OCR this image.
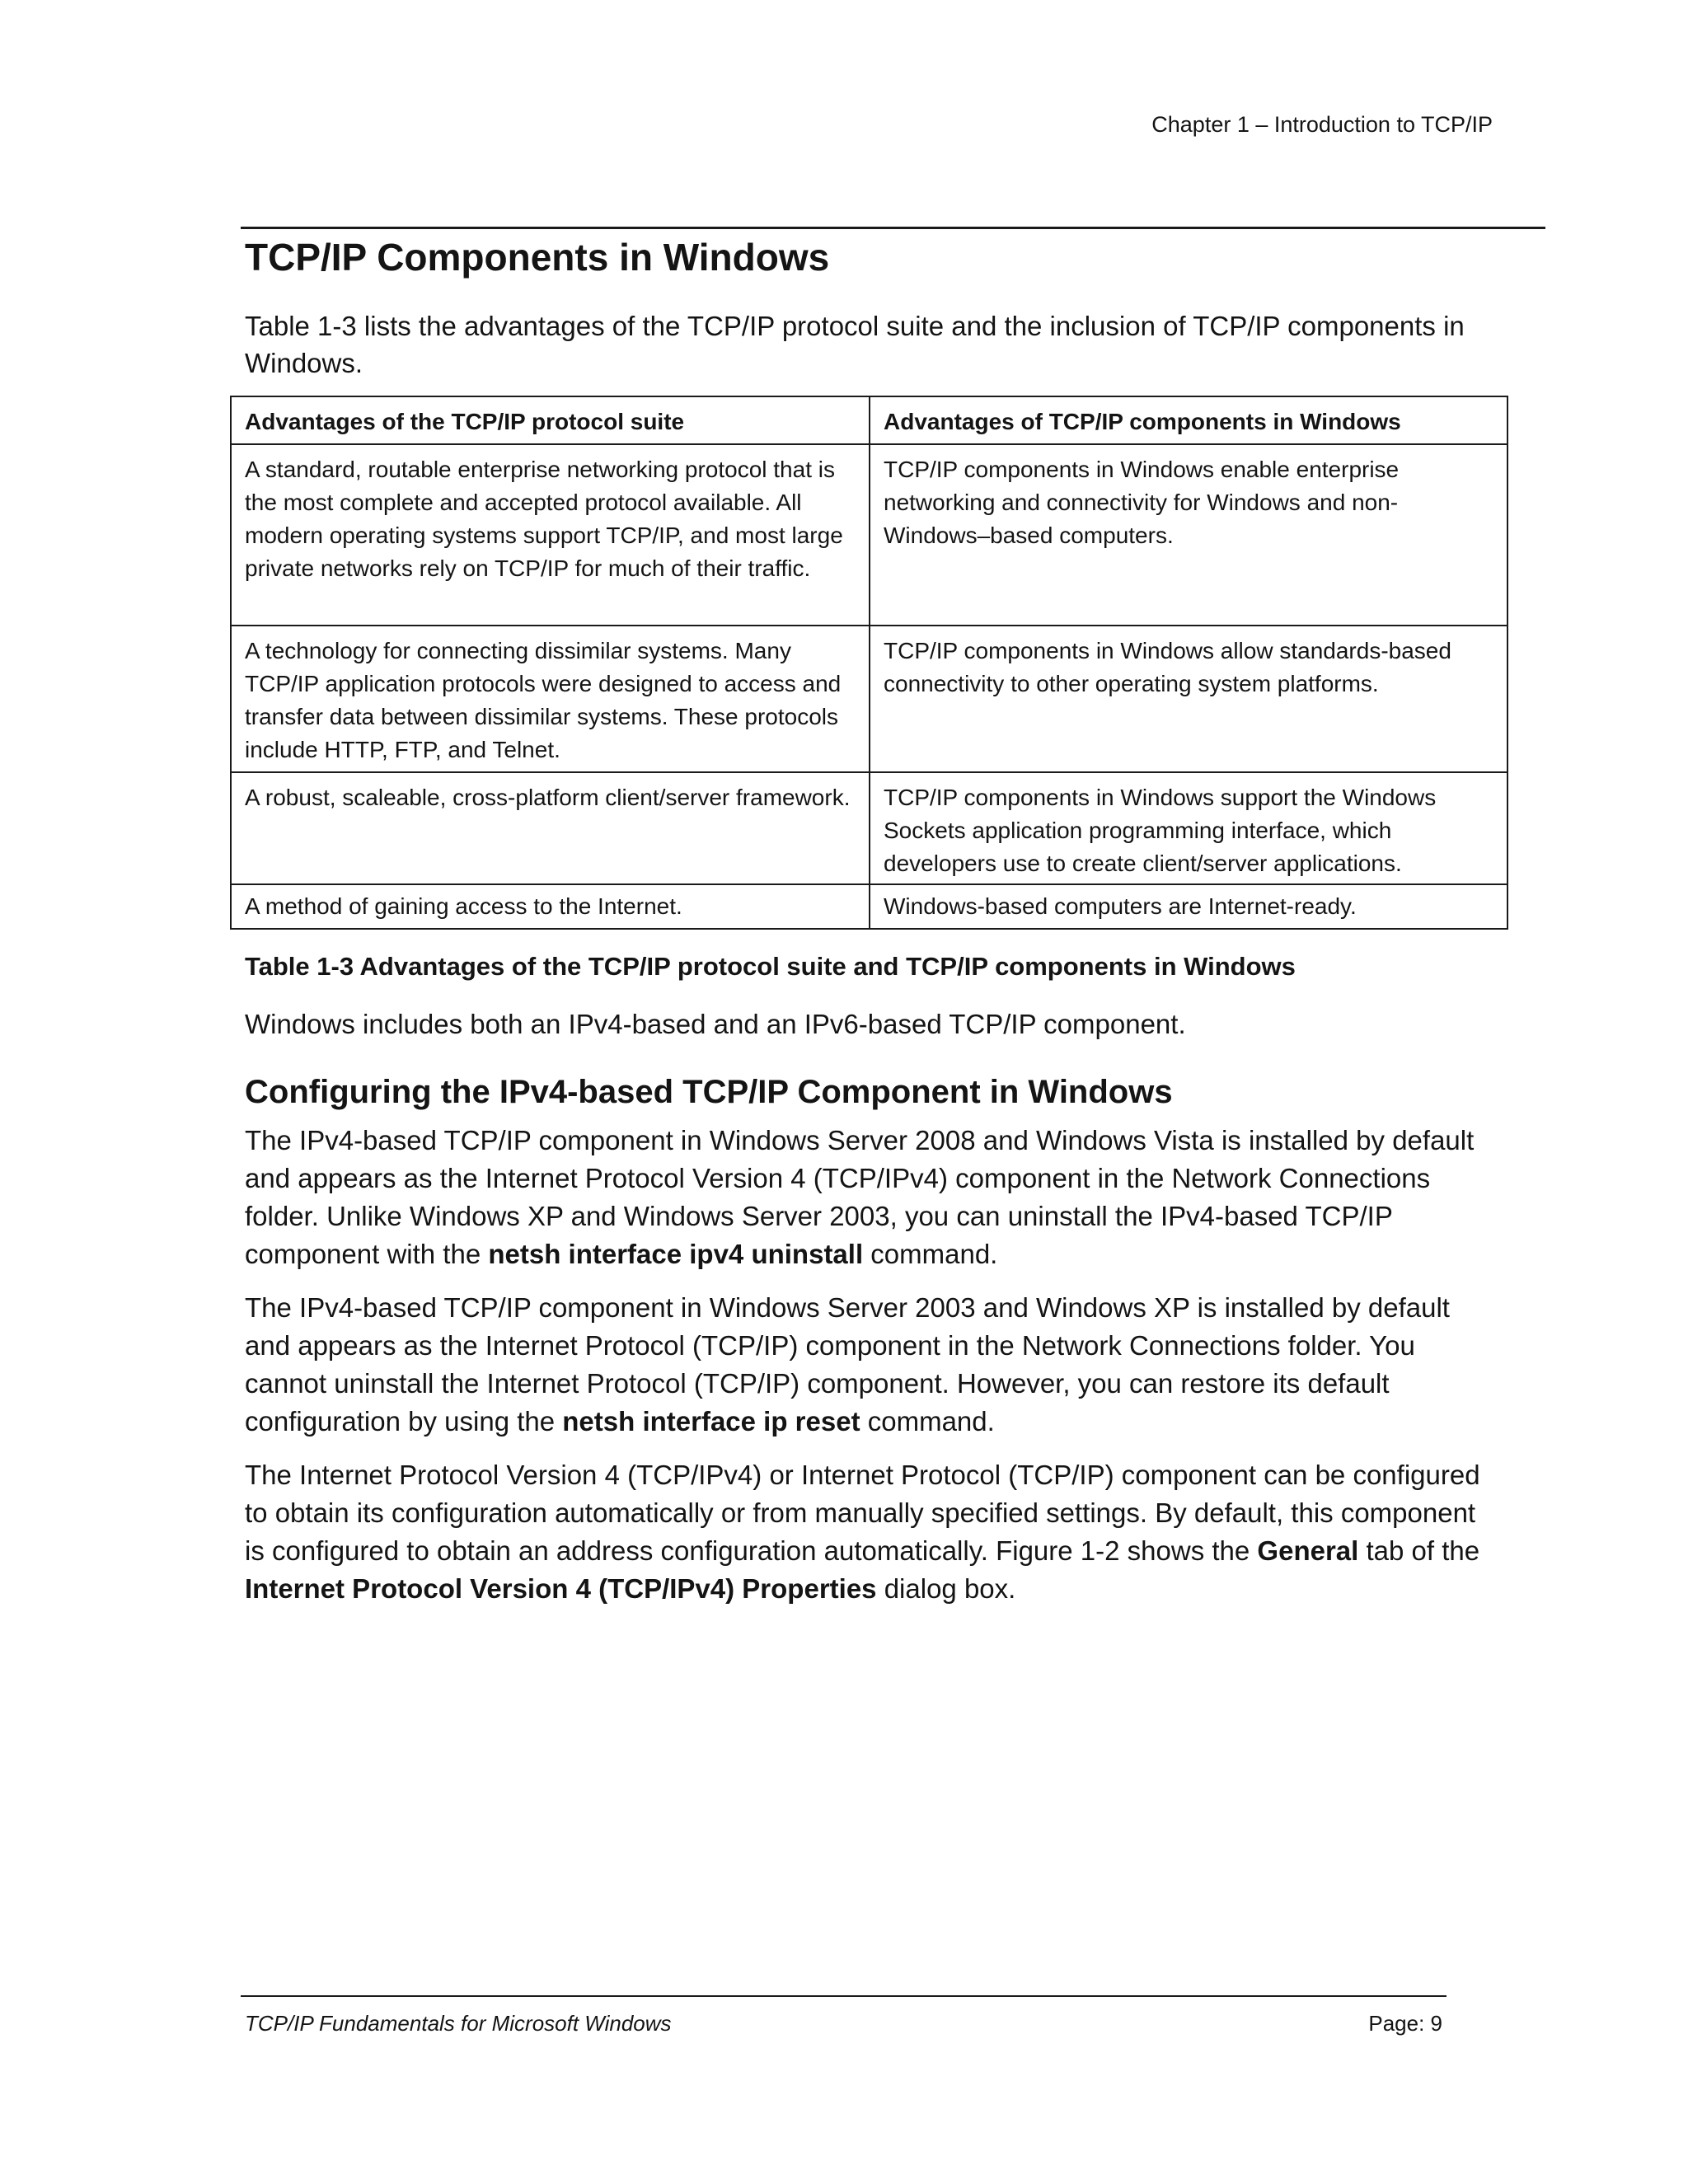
Chapter 1 – Introduction to TCP/IP
TCP/IP Components in Windows

Table 1-3 lists the advantages of the TCP/IP protocol suite and the inclusion of TCP/IP components in Windows.

Advantages of the TCP/IP protocol suite	Advantages of TCP/IP components in Windows
A standard, routable enterprise networking protocol that is the most complete and accepted protocol available. All modern operating systems support TCP/IP, and most large private networks rely on TCP/IP for much of their traffic.	TCP/IP components in Windows enable enterprise networking and connectivity for Windows and non-Windows–based computers.
A technology for connecting dissimilar systems. Many TCP/IP application protocols were designed to access and transfer data between dissimilar systems. These protocols include HTTP, FTP, and Telnet.	TCP/IP components in Windows allow standards-based connectivity to other operating system platforms.
A robust, scaleable, cross-platform client/server framework.	TCP/IP components in Windows support the Windows Sockets application programming interface, which developers use to create client/server applications.
A method of gaining access to the Internet.	Windows-based computers are Internet-ready.

Table 1-3 Advantages of the TCP/IP protocol suite and TCP/IP components in Windows

Windows includes both an IPv4-based and an IPv6-based TCP/IP component.

Configuring the IPv4-based TCP/IP Component in Windows

The IPv4-based TCP/IP component in Windows Server 2008 and Windows Vista is installed by default and appears as the Internet Protocol Version 4 (TCP/IPv4) component in the Network Connections folder. Unlike Windows XP and Windows Server 2003, you can uninstall the IPv4-based TCP/IP component with the netsh interface ipv4 uninstall command.

The IPv4-based TCP/IP component in Windows Server 2003 and Windows XP is installed by default and appears as the Internet Protocol (TCP/IP) component in the Network Connections folder. You cannot uninstall the Internet Protocol (TCP/IP) component. However, you can restore its default configuration by using the netsh interface ip reset command.

The Internet Protocol Version 4 (TCP/IPv4) or Internet Protocol (TCP/IP) component can be configured to obtain its configuration automatically or from manually specified settings. By default, this component is configured to obtain an address configuration automatically. Figure 1-2 shows the General tab of the Internet Protocol Version 4 (TCP/IPv4) Properties dialog box.

TCP/IP Fundamentals for Microsoft Windows	Page: 9
